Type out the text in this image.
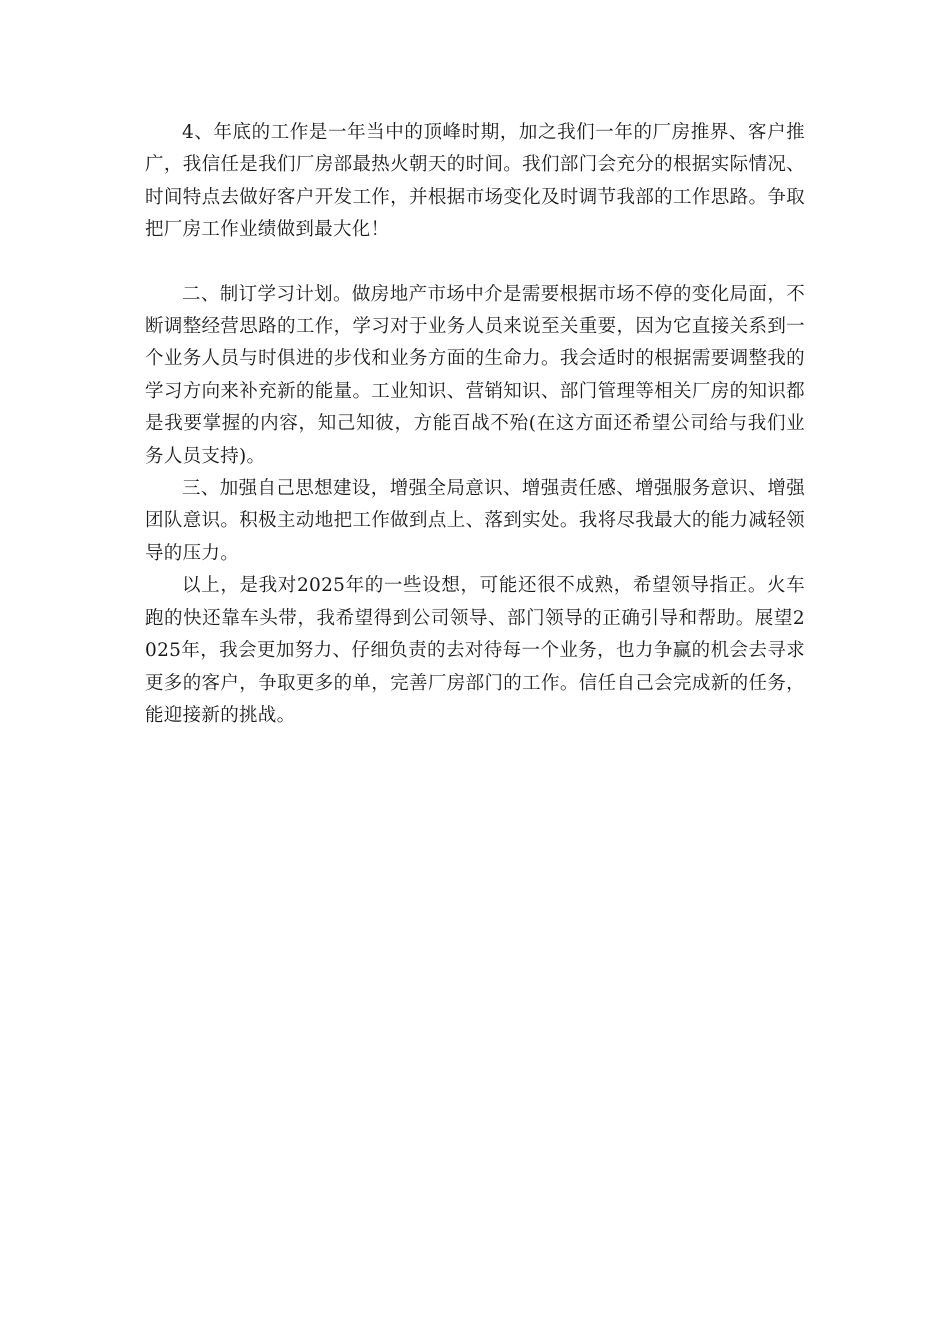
4、年底的工作是一年当中的顶峰时期，加之我们一年的厂房推界、客户推广，我信任是我们厂房部最热火朝天的时间。我们部门会充分的根据实际情况、时间特点去做好客户开发工作，并根据市场变化及时调节我部的工作思路。争取把厂房工作业绩做到最大化！

二、制订学习计划。做房地产市场中介是需要根据市场不停的变化局面，不断调整经营思路的工作，学习对于业务人员来说至关重要，因为它直接关系到一个业务人员与时俱进的步伐和业务方面的生命力。我会适时的根据需要调整我的学习方向来补充新的能量。工业知识、营销知识、部门管理等相关厂房的知识都是我要掌握的内容，知己知彼，方能百战不殆(在这方面还希望公司给与我们业务人员支持)。

三、加强自己思想建设，增强全局意识、增强责任感、增强服务意识、增强团队意识。积极主动地把工作做到点上、落到实处。我将尽我最大的能力减轻领导的压力。

以上，是我对2025年的一些设想，可能还很不成熟，希望领导指正。火车跑的快还靠车头带，我希望得到公司领导、部门领导的正确引导和帮助。展望2025年，我会更加努力、仔细负责的去对待每一个业务，也力争赢的机会去寻求更多的客户，争取更多的单，完善厂房部门的工作。信任自己会完成新的任务，能迎接新的挑战。
